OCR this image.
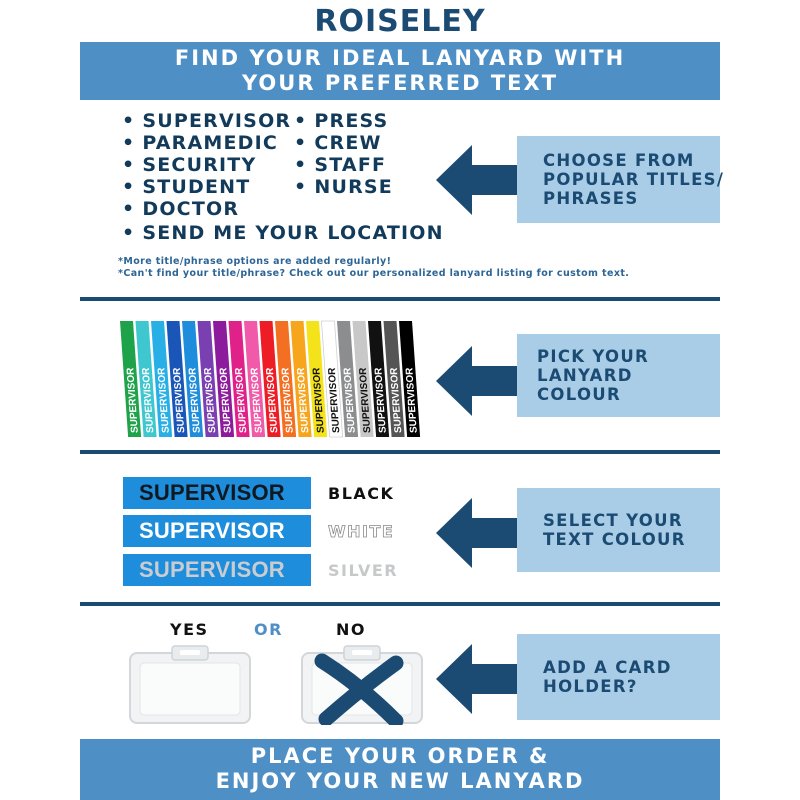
ROISELEY
FIND YOUR IDEAL LANYARD WITH
YOUR PREFERRED TEXT
• SUPERVISOR
• PARAMEDIC
• SECURITY
• STUDENT
• DOCTOR
• PRESS
• CREW
• STAFF
• NURSE
• SEND ME YOUR LOCATION
*More title/phrase options are added regularly!
*Can't find your title/phrase? Check out our personalized lanyard listing for custom text.
CHOOSE FROM
POPULAR TITLES/
PHRASES
SUPERVISOR SUPERVISOR SUPERVISOR SUPERVISOR SUPERVISOR SUPERVISOR SUPERVISOR SUPERVISOR SUPERVISOR SUPERVISOR SUPERVISOR SUPERVISOR SUPERVISOR SUPERVISOR SUPERVISOR SUPERVISOR SUPERVISOR SUPERVISOR SUPERVISOR
PICK YOUR
LANYARD
COLOUR
SUPERVISOR
SUPERVISOR
SUPERVISOR
BLACK
WHITE
SILVER
SELECT YOUR
TEXT COLOUR
YES	OR	NO
ADD A CARD
HOLDER?
PLACE YOUR ORDER &
ENJOY YOUR NEW LANYARD
